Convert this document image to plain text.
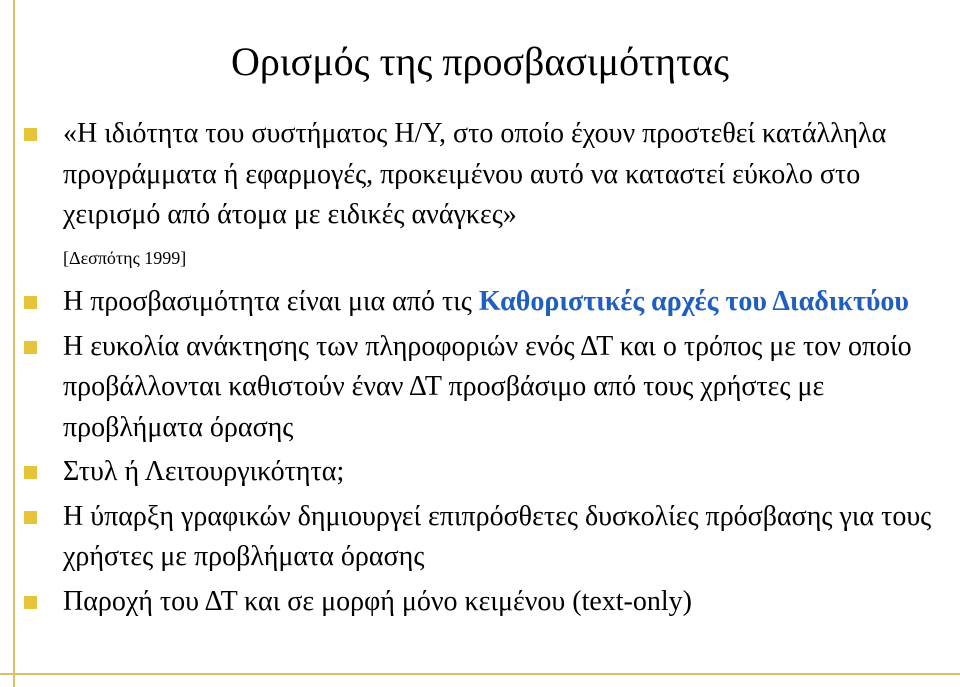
Ορισμός της προσβασιμότητας
«Η ιδιότητα του συστήματος Η/Υ, στο οποίο έχουν προστεθεί κατάλληλα προγράμματα ή εφαρμογές, προκειμένου αυτό να καταστεί εύκολο στο χειρισμό από άτομα με ειδικές ανάγκες»
[Δεσπότης 1999]
Η προσβασιμότητα είναι μια από τις Καθοριστικές αρχές του Διαδικτύου
Η ευκολία ανάκτησης των πληροφοριών ενός ΔΤ και ο τρόπος με τον οποίο προβάλλονται καθιστούν έναν ΔΤ προσβάσιμο από τους χρήστες με προβλήματα όρασης
Στυλ ή Λειτουργικότητα;
Η ύπαρξη γραφικών δημιουργεί επιπρόσθετες δυσκολίες πρόσβασης για τους χρήστες με προβλήματα όρασης
Παροχή του ΔΤ και σε μορφή μόνο κειμένου (text-only)
